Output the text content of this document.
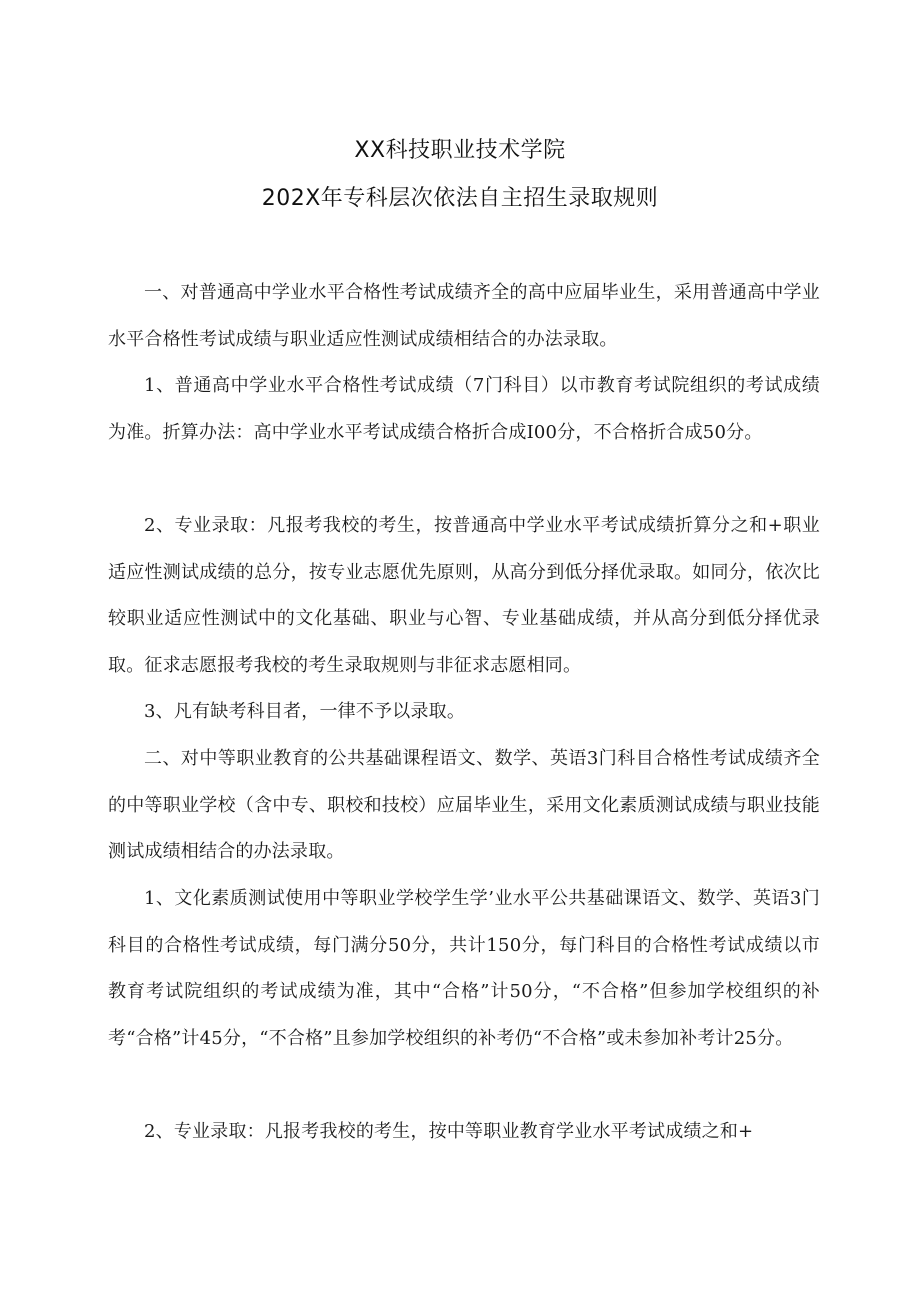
XX科技职业技术学院
202X年专科层次依法自主招生录取规则

一、对普通高中学业水平合格性考试成绩齐全的高中应届毕业生，采用普通高中学业水平合格性考试成绩与职业适应性测试成绩相结合的办法录取。

1、普通高中学业水平合格性考试成绩（7门科目）以市教育考试院组织的考试成绩为准。折算办法：高中学业水平考试成绩合格折合成I00分，不合格折合成50分。

2、专业录取：凡报考我校的考生，按普通高中学业水平考试成绩折算分之和+职业适应性测试成绩的总分，按专业志愿优先原则，从高分到低分择优录取。如同分，依次比较职业适应性测试中的文化基础、职业与心智、专业基础成绩，并从高分到低分择优录取。征求志愿报考我校的考生录取规则与非征求志愿相同。

3、凡有缺考科目者，一律不予以录取。

二、对中等职业教育的公共基础课程语文、数学、英语3门科目合格性考试成绩齐全的中等职业学校（含中专、职校和技校）应届毕业生，采用文化素质测试成绩与职业技能测试成绩相结合的办法录取。

1、文化素质测试使用中等职业学校学生学’业水平公共基础课语文、数学、英语3门科目的合格性考试成绩，每门满分50分，共计150分，每门科目的合格性考试成绩以市教育考试院组织的考试成绩为准，其中“合格”计50分，“不合格”但参加学校组织的补考“合格”计45分，“不合格”且参加学校组织的补考仍“不合格”或未参加补考计25分。

2、专业录取：凡报考我校的考生，按中等职业教育学业水平考试成绩之和+
